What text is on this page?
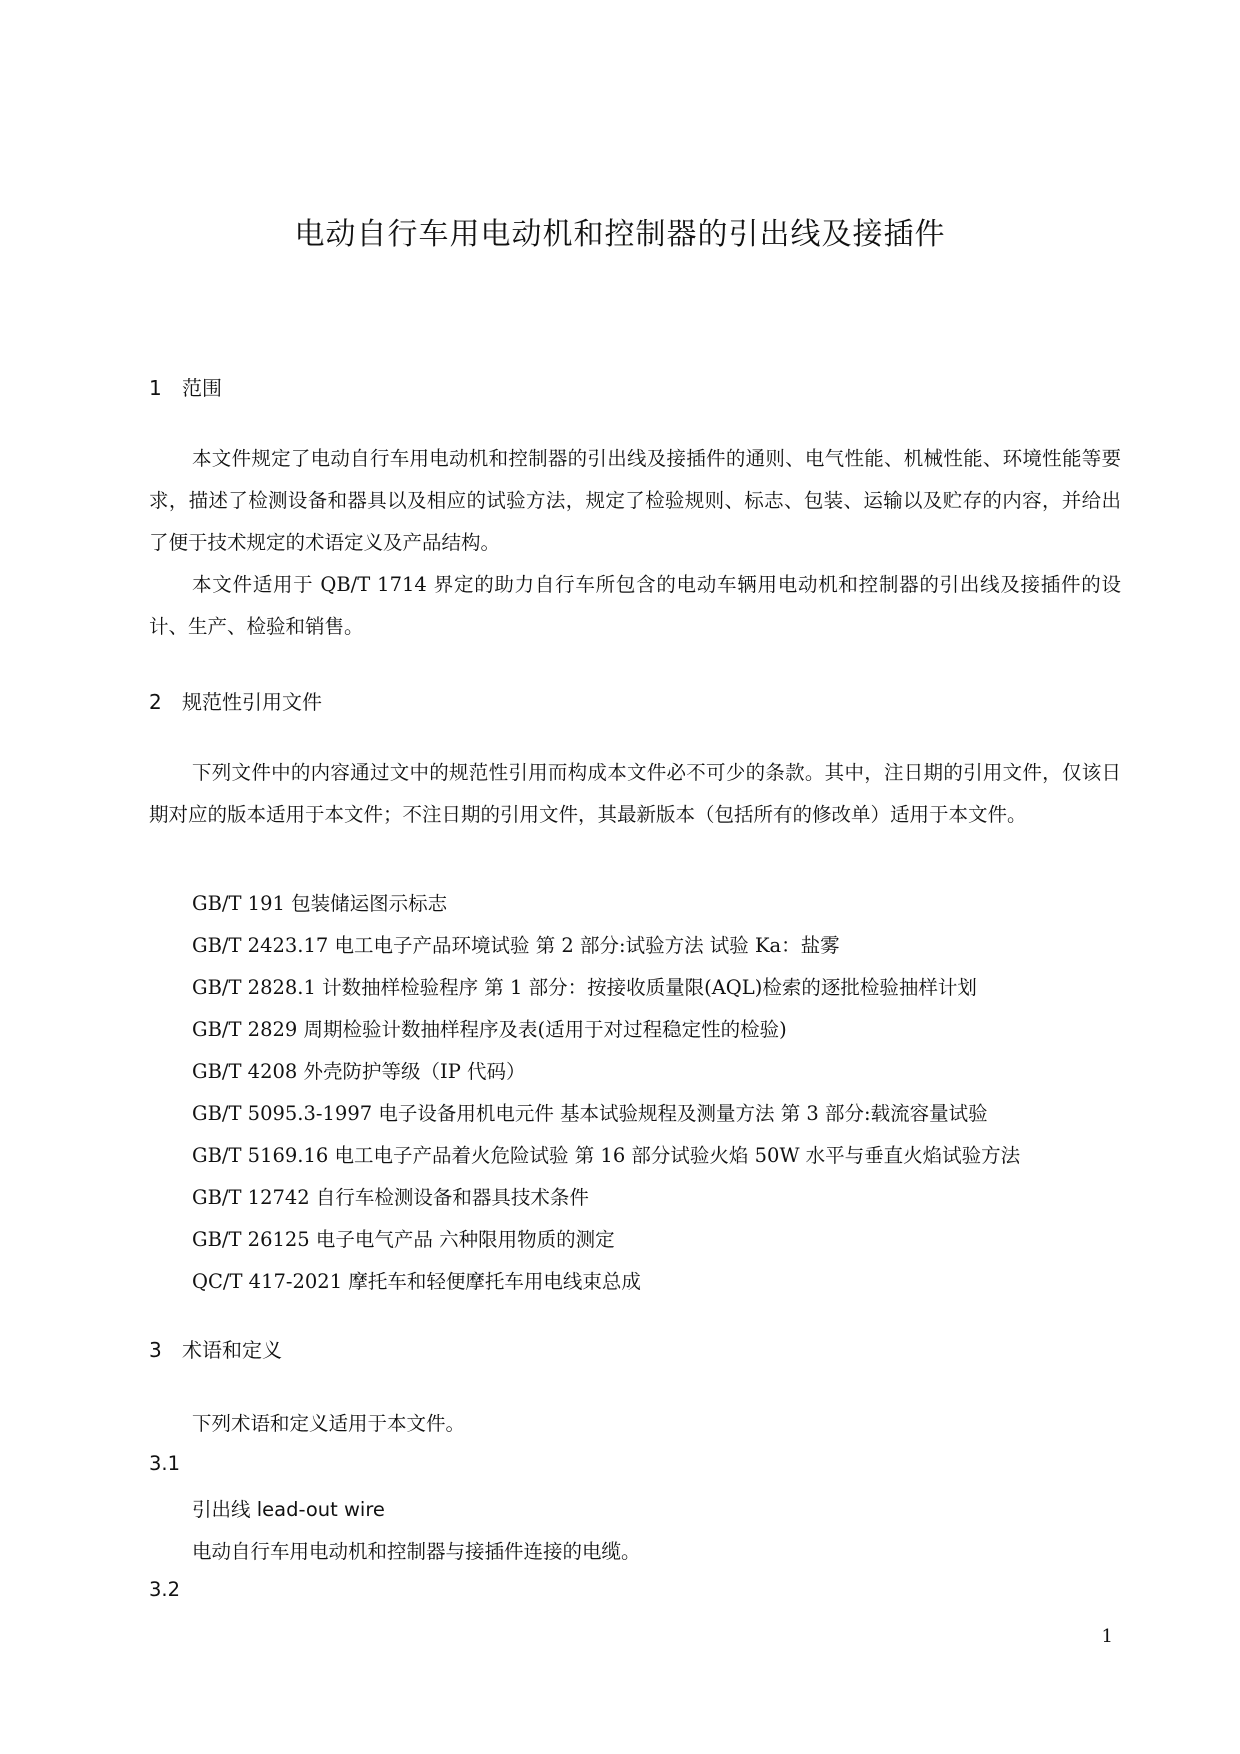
电动自行车用电动机和控制器的引出线及接插件
1 范围

本文件规定了电动自行车用电动机和控制器的引出线及接插件的通则、电气性能、机械性能、环境性能等要求，描述了检测设备和器具以及相应的试验方法，规定了检验规则、标志、包装、运输以及贮存的内容，并给出了便于技术规定的术语定义及产品结构。

本文件适用于 QB/T 1714 界定的助力自行车所包含的电动车辆用电动机和控制器的引出线及接插件的设计、生产、检验和销售。

2 规范性引用文件

下列文件中的内容通过文中的规范性引用而构成本文件必不可少的条款。其中，注日期的引用文件，仅该日期对应的版本适用于本文件；不注日期的引用文件，其最新版本（包括所有的修改单）适用于本文件。

GB/T 191 包装储运图示标志
GB/T 2423.17 电工电子产品环境试验 第 2 部分:试验方法 试验 Ka：盐雾
GB/T 2828.1 计数抽样检验程序 第 1 部分：按接收质量限(AQL)检索的逐批检验抽样计划
GB/T 2829 周期检验计数抽样程序及表(适用于对过程稳定性的检验)
GB/T 4208 外壳防护等级（IP 代码）
GB/T 5095.3-1997 电子设备用机电元件 基本试验规程及测量方法 第 3 部分:载流容量试验
GB/T 5169.16 电工电子产品着火危险试验 第 16 部分试验火焰 50W 水平与垂直火焰试验方法
GB/T 12742 自行车检测设备和器具技术条件
GB/T 26125 电子电气产品 六种限用物质的测定
QC/T 417-2021 摩托车和轻便摩托车用电线束总成
3 术语和定义
下列术语和定义适用于本文件。
3.1
引出线 lead-out wire
电动自行车用电动机和控制器与接插件连接的电缆。
3.2
1
